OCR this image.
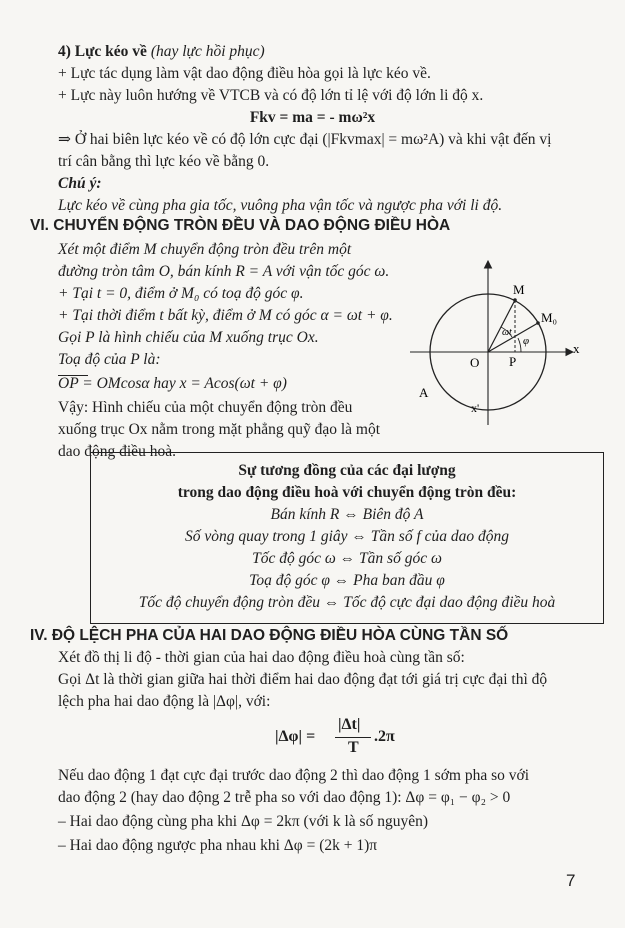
4) Lực kéo về (hay lực hồi phục)
+ Lực tác dụng làm vật dao động điều hòa gọi là lực kéo về.
+ Lực này luôn hướng về VTCB và có độ lớn tỉ lệ với độ lớn li độ x.
Fkv = ma = - mω²x
⇒ Ở hai biên lực kéo về có độ lớn cực đại (|Fkvmax| = mω²A) và khi vật đến vị
trí cân bằng thì lực kéo về bằng 0.
Chú ý:
Lực kéo về cùng pha gia tốc, vuông pha vận tốc và ngược pha với li độ.
VI. CHUYỂN ĐỘNG TRÒN ĐỀU VÀ DAO ĐỘNG ĐIỀU HÒA
Xét một điểm M chuyển động tròn đều trên một
đường tròn tâm O, bán kính R = A với vận tốc góc ω.
+ Tại t = 0, điểm ở M₀ có toạ độ góc φ.
+ Tại thời điểm t bất kỳ, điểm ở M có góc α = ωt + φ.
Gọi P là hình chiếu của M xuống trục Ox.
Toạ độ của P là:
OP = OMcosα hay x = Acos(ωt + φ)
Vậy: Hình chiếu của một chuyển động tròn đều
xuống trục Ox nằm trong mặt phẳng quỹ đạo là một
dao động điều hoà.
M
M₀
O P
x
x'
A
ωt
φ
Sự tương đồng của các đại lượng
trong dao động điều hoà với chuyển động tròn đều:
Bán kính R ⇔ Biên độ A
Số vòng quay trong 1 giây ⇔ Tần số f của dao động
Tốc độ góc ω ⇔ Tần số góc ω
Toạ độ góc φ ⇔ Pha ban đầu φ
Tốc độ chuyển động tròn đều ⇔ Tốc độ cực đại dao động điều hoà
IV. ĐỘ LỆCH PHA CỦA HAI DAO ĐỘNG ĐIỀU HÒA CÙNG TẦN SỐ
Xét đồ thị li độ - thời gian của hai dao động điều hoà cùng tần số:
Gọi Δt là thời gian giữa hai thời điểm hai dao động đạt tới giá trị cực đại thì độ
lệch pha hai dao động là |Δφ|, với:
|Δφ| =
|Δt|
T
.2π
Nếu dao động 1 đạt cực đại trước dao động 2 thì dao động 1 sớm pha so với
dao động 2 (hay dao động 2 trễ pha so với dao động 1): Δφ = φ₁ − φ₂ > 0
– Hai dao động cùng pha khi Δφ = 2kπ (với k là số nguyên)
– Hai dao động ngược pha nhau khi Δφ = (2k + 1)π
7
